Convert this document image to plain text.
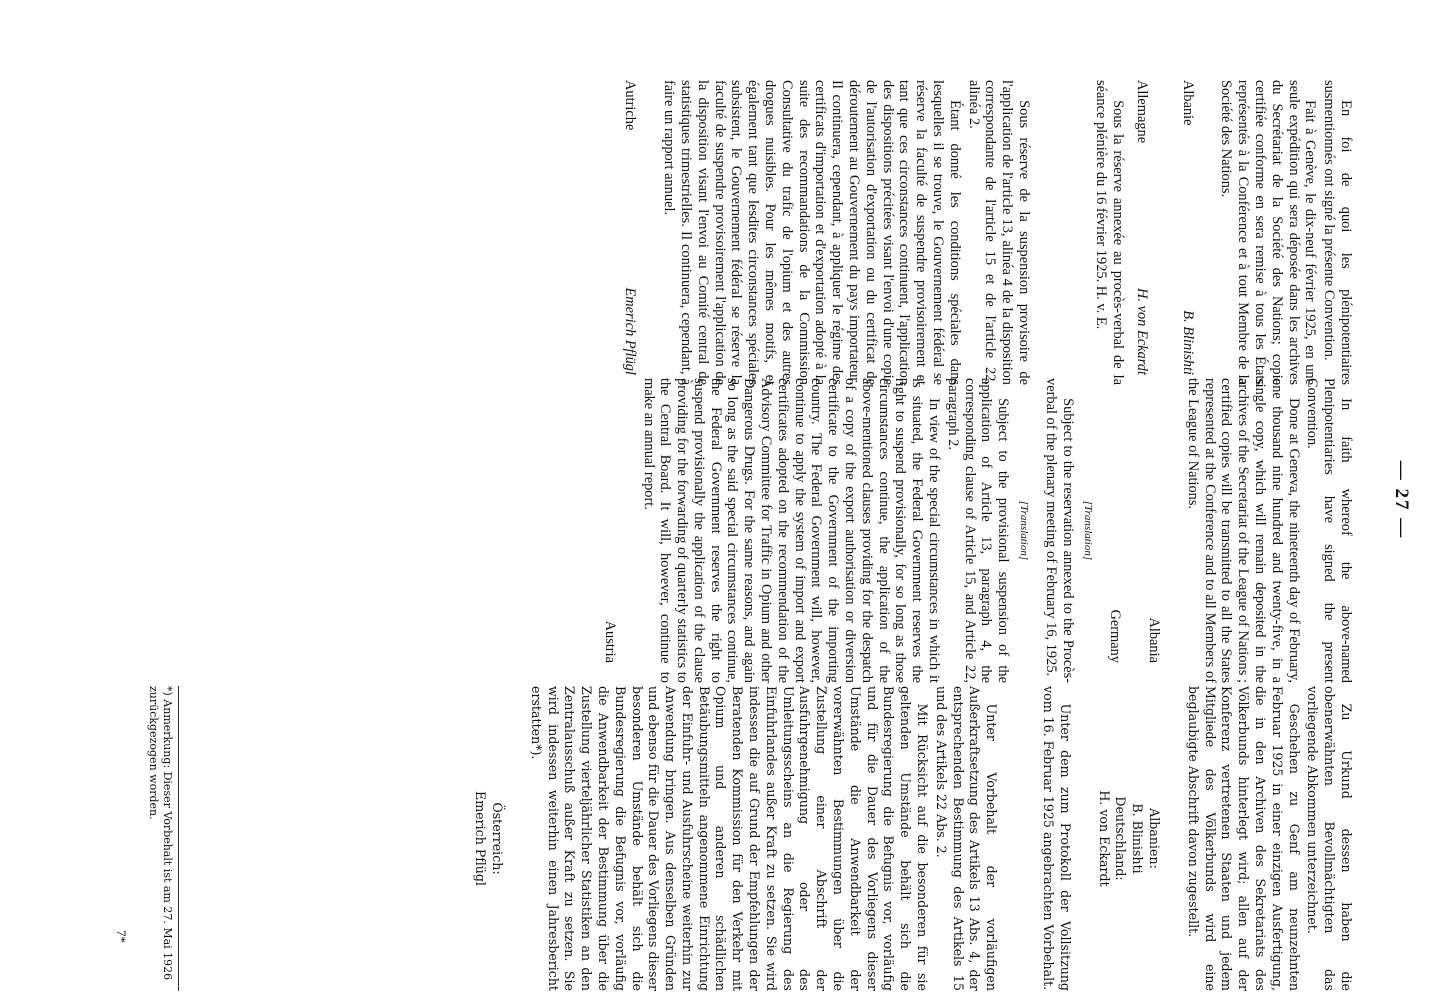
— 27 —

En foi de quoi les plénipotentiaires susmentionnés ont signé la présente Convention.

Fait à Genève, le dix-neuf février 1925, en une seule expédition qui sera déposée dans les archives du Secrétariat de la Société des Nations; copie certifiée conforme en sera remise à tous les États représentés à la Conférence et à tout Membre de la Société des Nations.

Albanie
B. Blinishti
Allemagne
H. von Eckardt

Sous la réserve annexée au procès-verbal de la séance plénière du 16 février 1925. H. v. E.

Sous réserve de la suspension provisoire de l'application de l'article 13, alinéa 4 de la disposition correspondante de l'article 15 et de l'article 22, alinéa 2.

Étant donné les conditions spéciales dans lesquelles il se trouve, le Gouvernement fédéral se réserve la faculté de suspendre provisoirement et tant que ces circonstances continuent, l'application des dispositions précitées visant l'envoi d'une copie de l'autorisation d'exportation ou du certificat de déroutement au Gouvernement du pays importateur. Il continuera, cependant, à appliquer le régime des certificats d'importation et d'exportation adopté à la suite des recommandations de la Commission Consultative du trafic de l'opium et des autres drogues nuisibles. Pour les mêmes motifs, et également tant que lesdites circonstances spéciales subsistent, le Gouvernement fédéral se réserve la faculté de suspendre provisoirement l'application de la disposition visant l'envoi au Comité central de statistiques trimestrielles. Il continuera, cependant, à faire un rapport annuel.

Autriche
Emerich Pflügl

In faith whereof the above-named Plenipotentiaries have signed the present Convention.

Done at Geneva, the nineteenth day of February, one thousand nine hundred and twenty-five, in a single copy, which will remain deposited in the archives of the Secretariat of the League of Nations ; certified copies will be transmitted to all the States represented at the Conference and to all Members of the League of Nations.

Albania
Germany
[Translation]

Subject to the reservation annexed to the Procès-verbal of the plenary meeting of February 16, 1925.

[Translation]

Subject to the provisional suspension of the application of Article 13, paragraph 4, the corresponding clause of Article 15, and Article 22, paragraph 2.

In view of the special circumstances in which it is situated, the Federal Government reserves the right to suspend provisionally, for so long as those circumstances continue, the application of the above-mentioned clauses providing for the despatch of a copy of the export authorisation or diversion certificate to the Government of the importing country. The Federal Government will, however, continue to apply the system of import and export certificates adopted on the recommendation of the Advisory Committee for Traffic in Opium and other Dangerous Drugs. For the same reasons, and again so long as the said special circumstances continue, the Federal Government reserves the right to suspend provisionally the application of the clause providing for the forwarding of quarterly statistics to the Central Board. It will, however, continue to make an annual report.

Austria

Zu Urkund dessen haben die obenerwähnten Bevollmächtigten das vorliegende Abkommen unterzeichnet.

Geschehen zu Genf am neunzehnten Februar 1925 in einer einzigen Ausfertigung, die in den Archiven des Sekretariats des Völkerbunds hinterlegt wird; allen auf der Konferenz vertretenen Staaten und jedem Mitgliede des Völkerbunds wird eine beglaubigte Abschrift davon zugestellt.

Albanien:
B. Blinishti
Deutschland:
H. von Eckardt

Unter dem zum Protokoll der Vollsitzung vom 16. Februar 1925 angebrachten Vorbehalt.

Unter Vorbehalt der vorläufigen Außerkraftsetzung des Artikels 13 Abs. 4, der entsprechenden Bestimmung des Artikels 15 und des Artikels 22 Abs. 2.

Mit Rücksicht auf die besonderen für sie geltenden Umstände behält sich die Bundesregierung die Befugnis vor, vorläufig und für die Dauer des Vorliegens dieser Umstände die Anwendbarkeit der vorerwähnten Bestimmungen über die Zustellung einer Abschrift der Ausfuhrgenehmigung oder des Umleitungsscheins an die Regierung des Einfuhrlandes außer Kraft zu setzen. Sie wird indessen die auf Grund der Empfehlungen der Beratenden Kommission für den Verkehr mit Opium und anderen schädlichen Betäubungsmitteln angenommene Einrichtung der Einfuhr- und Ausfuhrscheine weiterhin zur Anwendung bringen. Aus denselben Gründen und ebenso für die Dauer des Vorliegens dieser besonderen Umstände behält sich die Bundesregierung die Befugnis vor, vorläufig die Anwendbarkeit der Bestimmung über die Zustellung vierteljährlicher Statistiken an den Zentralausschuß außer Kraft zu setzen. Sie wird indessen weiterhin einen Jahresbericht erstatten*).

Österreich:
Emerich Pflügl
*) Anmerkung: Dieser Vorbehalt ist am 27. Mai 1926 zurückgezogen worden.
7*
